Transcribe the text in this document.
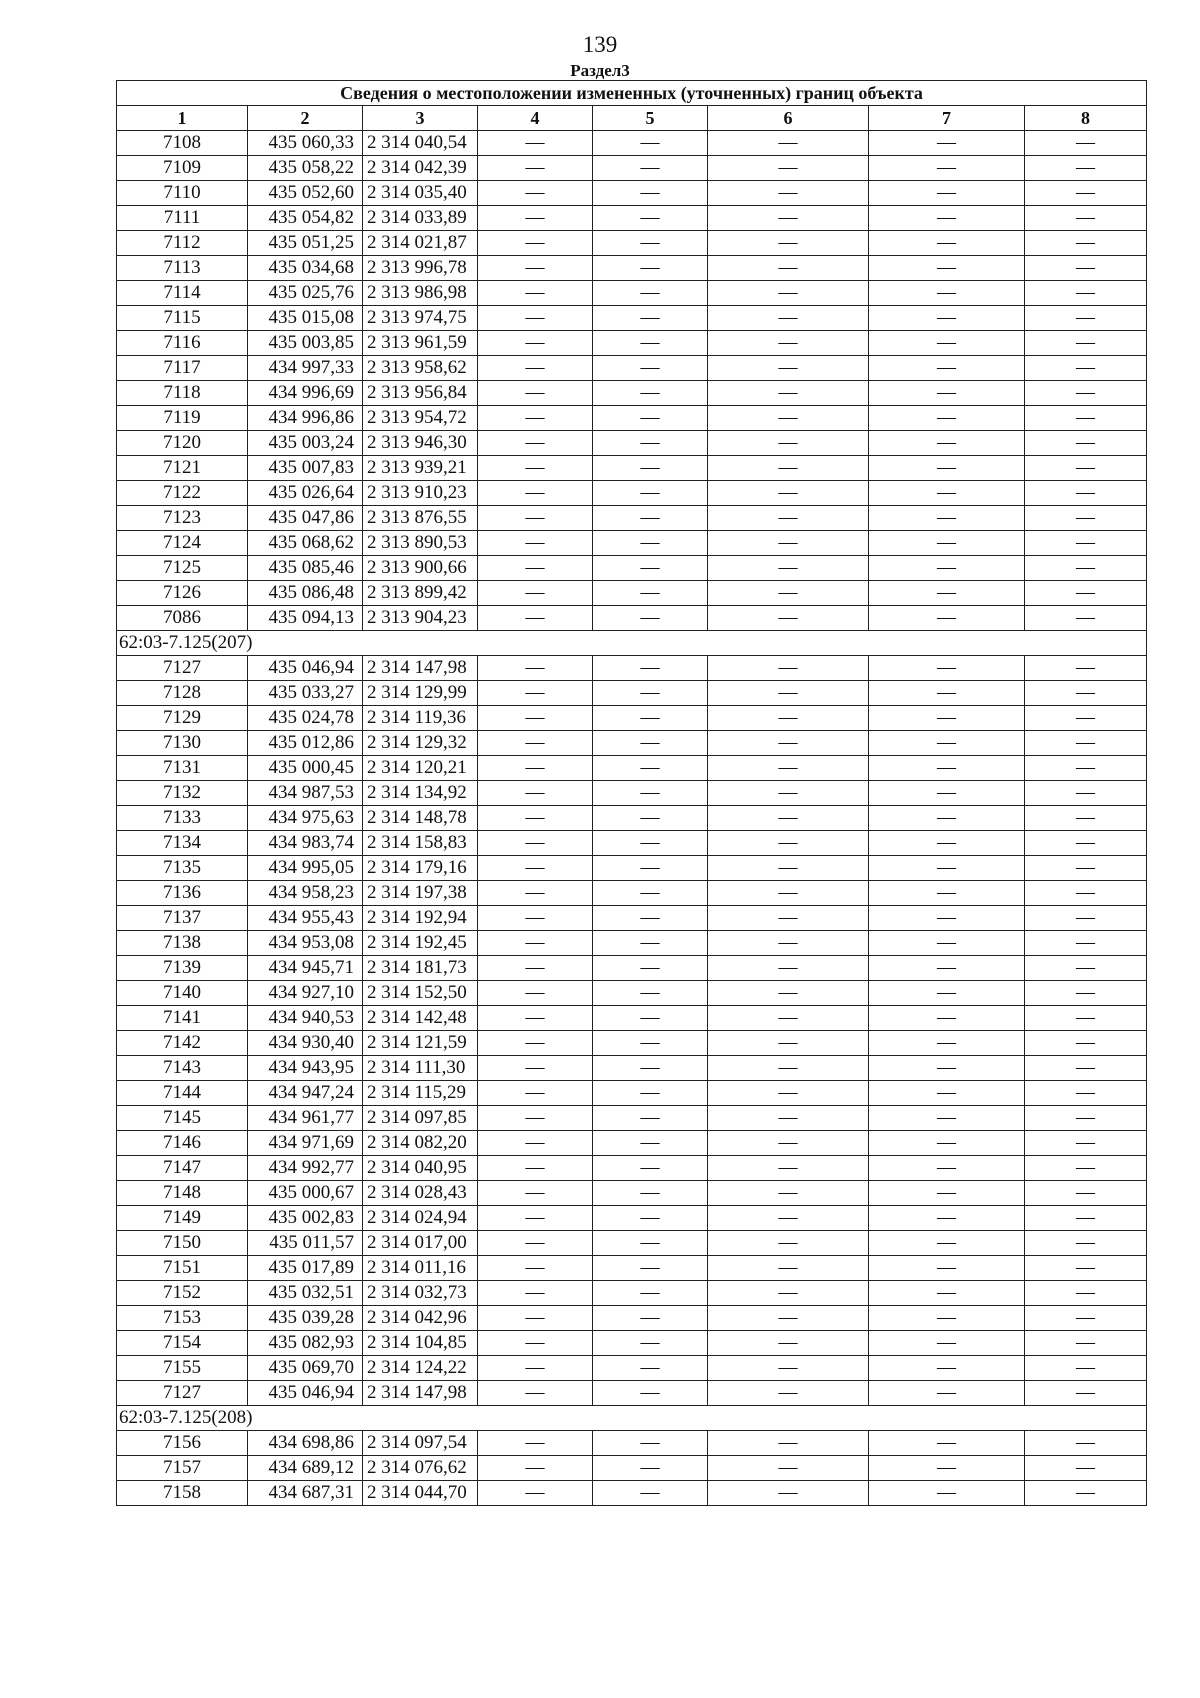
139
Раздел3
Сведения о местоположении измененных (уточненных) границ объекта							
1	2	3	4	5	6	7	8
7108	435 060,33	2 314 040,54	—	—	—	—	—
7109	435 058,22	2 314 042,39	—	—	—	—	—
7110	435 052,60	2 314 035,40	—	—	—	—	—
7111	435 054,82	2 314 033,89	—	—	—	—	—
7112	435 051,25	2 314 021,87	—	—	—	—	—
7113	435 034,68	2 313 996,78	—	—	—	—	—
7114	435 025,76	2 313 986,98	—	—	—	—	—
7115	435 015,08	2 313 974,75	—	—	—	—	—
7116	435 003,85	2 313 961,59	—	—	—	—	—
7117	434 997,33	2 313 958,62	—	—	—	—	—
7118	434 996,69	2 313 956,84	—	—	—	—	—
7119	434 996,86	2 313 954,72	—	—	—	—	—
7120	435 003,24	2 313 946,30	—	—	—	—	—
7121	435 007,83	2 313 939,21	—	—	—	—	—
7122	435 026,64	2 313 910,23	—	—	—	—	—
7123	435 047,86	2 313 876,55	—	—	—	—	—
7124	435 068,62	2 313 890,53	—	—	—	—	—
7125	435 085,46	2 313 900,66	—	—	—	—	—
7126	435 086,48	2 313 899,42	—	—	—	—	—
7086	435 094,13	2 313 904,23	—	—	—	—	—
62:03-7.125(207)							
7127	435 046,94	2 314 147,98	—	—	—	—	—
7128	435 033,27	2 314 129,99	—	—	—	—	—
7129	435 024,78	2 314 119,36	—	—	—	—	—
7130	435 012,86	2 314 129,32	—	—	—	—	—
7131	435 000,45	2 314 120,21	—	—	—	—	—
7132	434 987,53	2 314 134,92	—	—	—	—	—
7133	434 975,63	2 314 148,78	—	—	—	—	—
7134	434 983,74	2 314 158,83	—	—	—	—	—
7135	434 995,05	2 314 179,16	—	—	—	—	—
7136	434 958,23	2 314 197,38	—	—	—	—	—
7137	434 955,43	2 314 192,94	—	—	—	—	—
7138	434 953,08	2 314 192,45	—	—	—	—	—
7139	434 945,71	2 314 181,73	—	—	—	—	—
7140	434 927,10	2 314 152,50	—	—	—	—	—
7141	434 940,53	2 314 142,48	—	—	—	—	—
7142	434 930,40	2 314 121,59	—	—	—	—	—
7143	434 943,95	2 314 111,30	—	—	—	—	—
7144	434 947,24	2 314 115,29	—	—	—	—	—
7145	434 961,77	2 314 097,85	—	—	—	—	—
7146	434 971,69	2 314 082,20	—	—	—	—	—
7147	434 992,77	2 314 040,95	—	—	—	—	—
7148	435 000,67	2 314 028,43	—	—	—	—	—
7149	435 002,83	2 314 024,94	—	—	—	—	—
7150	435 011,57	2 314 017,00	—	—	—	—	—
7151	435 017,89	2 314 011,16	—	—	—	—	—
7152	435 032,51	2 314 032,73	—	—	—	—	—
7153	435 039,28	2 314 042,96	—	—	—	—	—
7154	435 082,93	2 314 104,85	—	—	—	—	—
7155	435 069,70	2 314 124,22	—	—	—	—	—
7127	435 046,94	2 314 147,98	—	—	—	—	—
62:03-7.125(208)							
7156	434 698,86	2 314 097,54	—	—	—	—	—
7157	434 689,12	2 314 076,62	—	—	—	—	—
7158	434 687,31	2 314 044,70	—	—	—	—	—
